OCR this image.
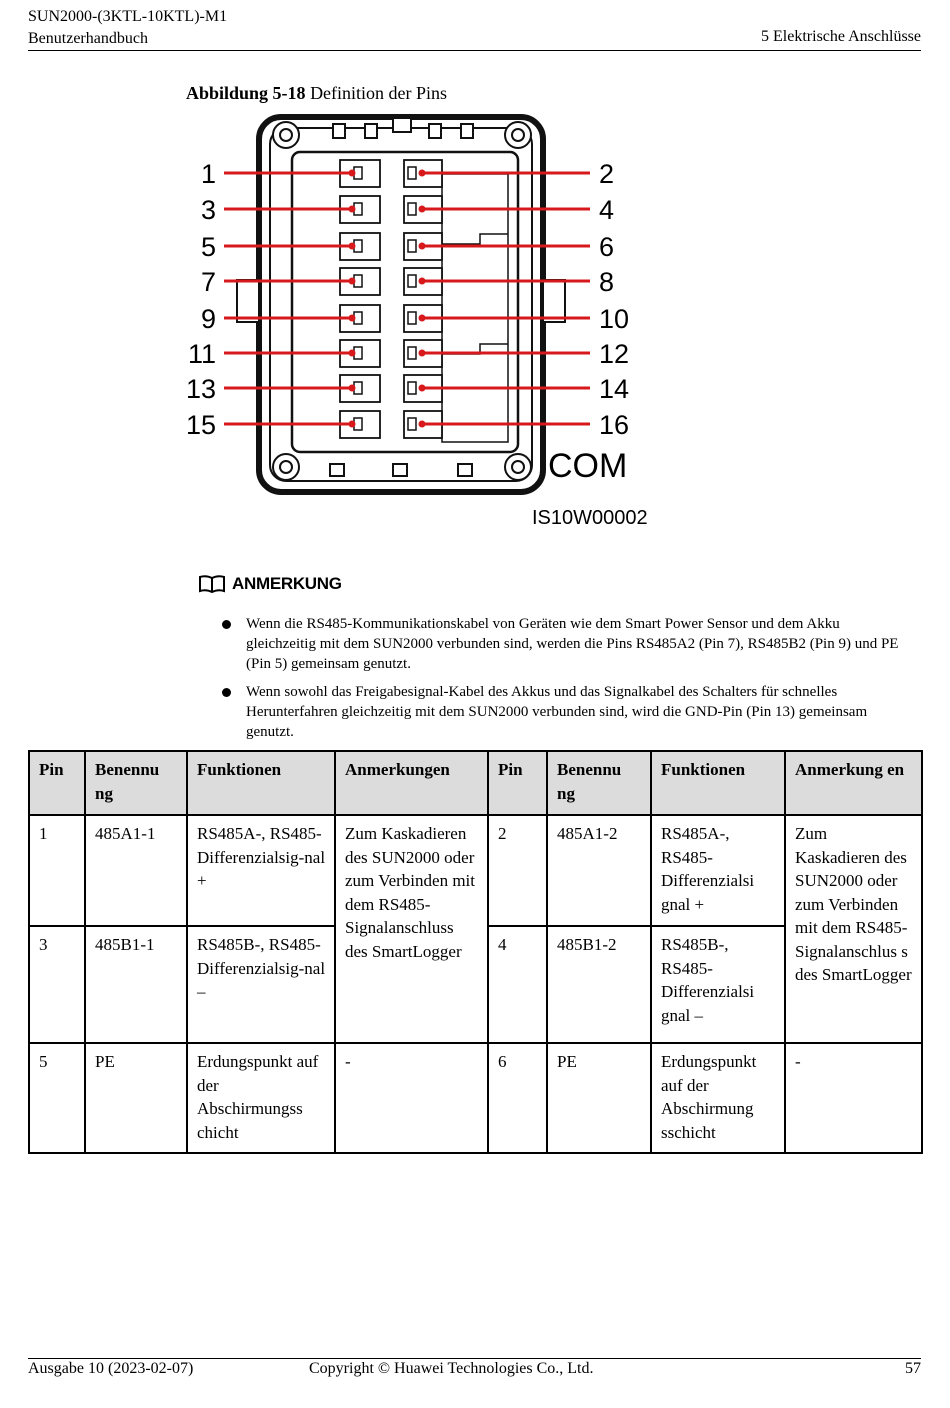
SUN2000-(3KTL-10KTL)-M1
Benutzerhandbuch	5 Elektrische Anschlüsse
Abbildung 5-18 Definition der Pins
1	2
3	4
5	6
7	8
9	10
11	12
13	14
15	16
COM
IS10W00002
ANMERKUNG
Wenn die RS485-Kommunikationskabel von Geräten wie dem Smart Power Sensor und dem Akku gleichzeitig mit dem SUN2000 verbunden sind, werden die Pins RS485A2 (Pin 7), RS485B2 (Pin 9) und PE (Pin 5) gemeinsam genutzt.
Wenn sowohl das Freigabesignal-Kabel des Akkus und das Signalkabel des Schalters für schnelles Herunterfahren gleichzeitig mit dem SUN2000 verbunden sind, wird die GND-Pin (Pin 13) gemeinsam genutzt.
Pin	Benennu ng	Funktionen	Anmerkungen	Pin	Benennu ng	Funktionen	Anmerkung en
1	485A1-1	RS485A-, RS485-Differenzialsig-nal +	Zum Kaskadieren des SUN2000 oder zum Verbinden mit dem RS485-Signalanschluss des SmartLogger	2	485A1-2	RS485A-, RS485-Differenzialsi gnal +	Zum Kaskadieren des SUN2000 oder zum Verbinden mit dem RS485-Signalanschlus s des SmartLogger
3	485B1-1	RS485B-, RS485-Differenzialsig-nal –		4	485B1-2	RS485B-, RS485-Differenzialsi gnal –	
5	PE	Erdungspunkt auf der Abschirmungss chicht	-	6	PE	Erdungspunkt auf der Abschirmung sschicht	-
Ausgabe 10 (2023-02-07)	Copyright © Huawei Technologies Co., Ltd.	57
